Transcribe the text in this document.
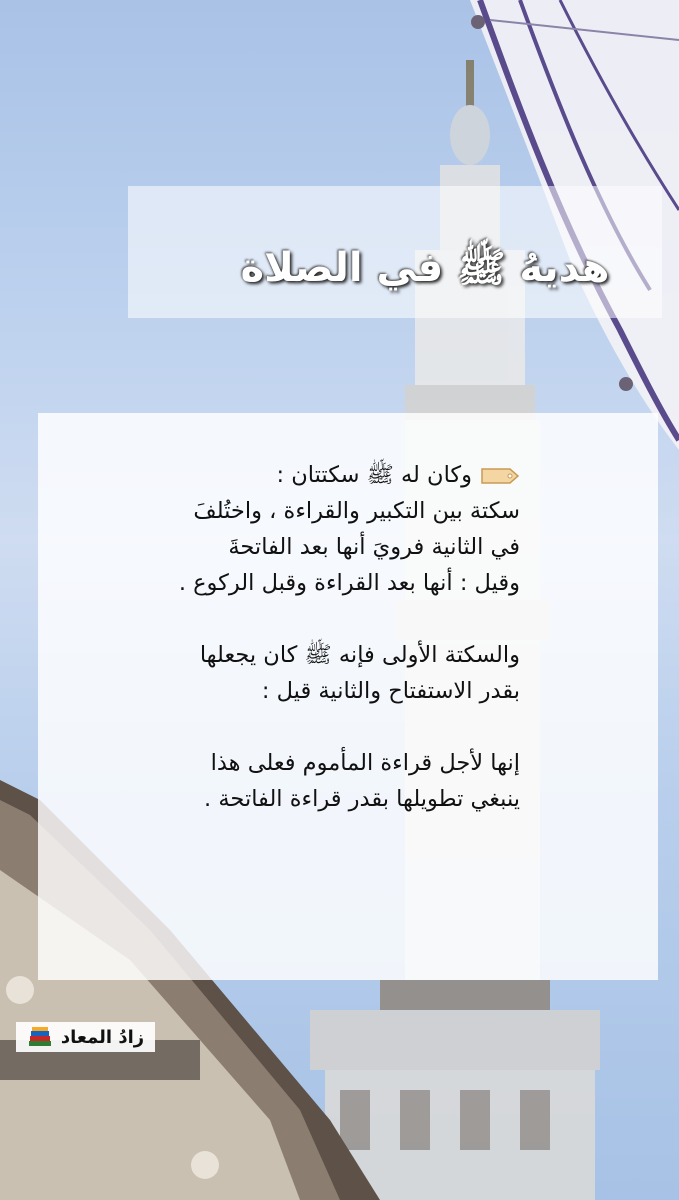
هديهُ ﷺ في الصلاة

وكان له ﷺ سكتتان :
سكتة بين التكبير والقراءة ، واختُلفَ
في الثانية فرويَ أنها بعد الفاتحةَ
وقيل : أنها بعد القراءة وقبل الركوع .

والسكتة الأولى فإنه ﷺ كان يجعلها
بقدر الاستفتاح والثانية قيل :

إنها لأجل قراءة المأموم فعلى هذا
ينبغي تطويلها بقدر قراءة الفاتحة .

زادُ المعاد
